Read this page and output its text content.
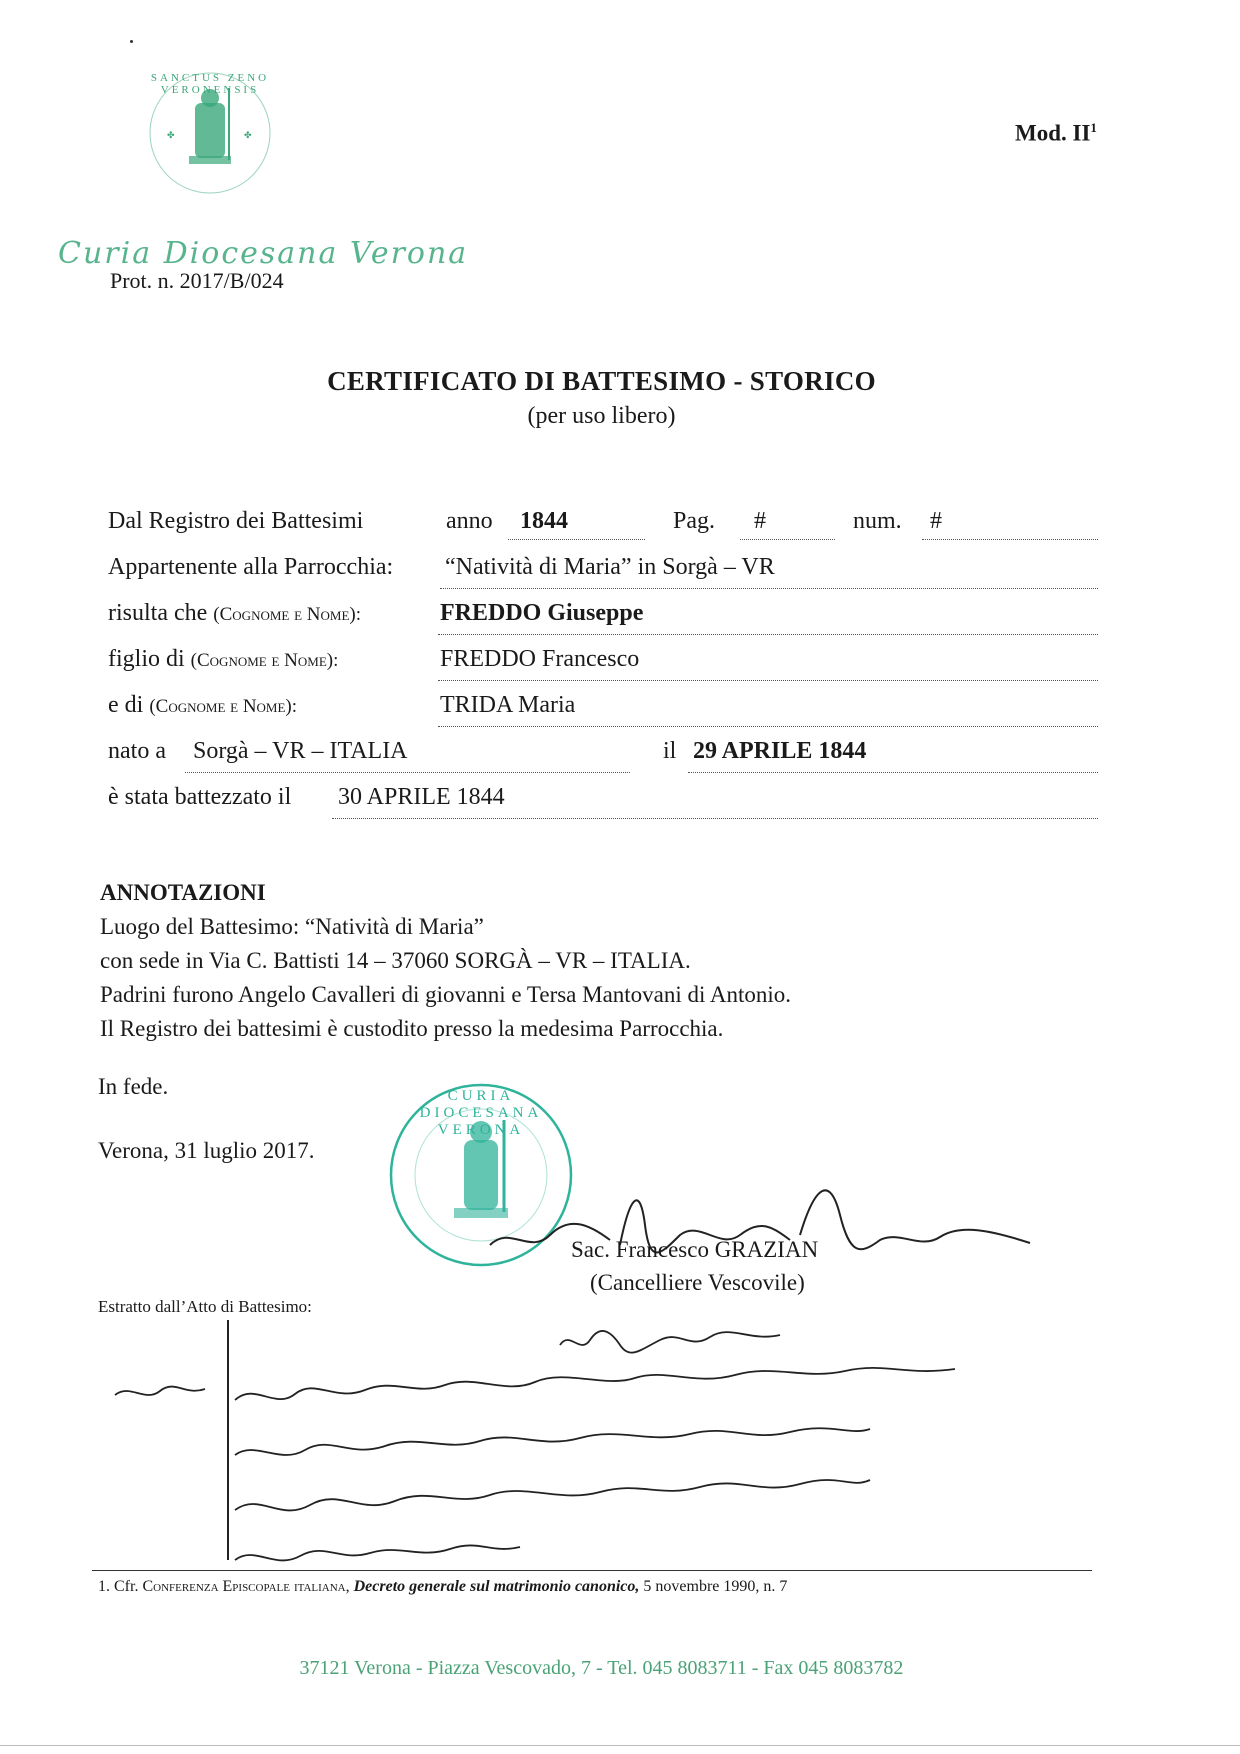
✤	✤
SANCTUS ZENO VERONENSIS
Curia Diocesana Verona
Prot. n. 2017/B/024
Mod. $II^1$
CERTIFICATO DI BATTESIMO - STORICO
(per uso libero)
Dal Registro dei Battesimi	anno 1844	Pag. #	num. #
Appartenente alla Parrocchia: “Natività di Maria” in Sorgà – VR
risulta che (Cognome e Nome):	FREDDO Giuseppe
figlio di (Cognome e Nome):	FREDDO Francesco
e di (Cognome e Nome):	TRIDA Maria
nato a Sorgà – VR – ITALIA	il 29 APRILE 1844
è stata battezzato il 30 APRILE 1844
ANNOTAZIONI
Luogo del Battesimo: “Natività di Maria”
con sede in Via C. Battisti 14 – 37060 SORGÀ – VR – ITALIA.
Padrini furono Angelo Cavalleri di giovanni e Tersa Mantovani di Antonio.
Il Registro dei battesimi è custodito presso la medesima Parrocchia.
In fede.
Verona, 31 luglio 2017.
CURIA DIOCESANA VERONA
Sac. Francesco GRAZIAN
(Cancelliere Vescovile)
Estratto dall’Atto di Battesimo:
1. Cfr. Conferenza Episcopale italiana, Decreto generale sul matrimonio canonico, 5 novembre 1990, n. 7
37121 Verona - Piazza Vescovado, 7 - Tel. 045 8083711 - Fax 045 8083782
